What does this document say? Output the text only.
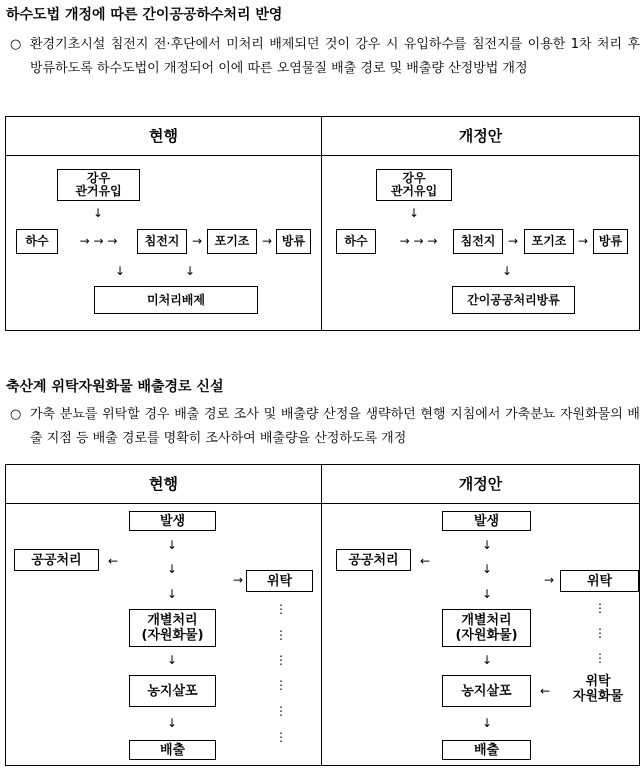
하수도법 개정에 따른 간이공공하수처리 반영
○ 환경기초시설 침전지 전·후단에서 미처리 배제되던 것이 강우 시 유입하수를 침전지를 이용한 1차 처리 후 방류하도록 하수도법이 개정되어 이에 따른 오염물질 배출 경로 및 배출량 산정방법 개정
현행	개정안
강우
관거유입
↓
하수	→ → →	침전지	→	포기조	→ 방류
↓	↓
미처리배제
강우
관거유입
↓
하수	→ → →	침전지	→	포기조 → 방류
↓
간이공공처리방류
축산계 위탁자원화물 배출경로 신설
○ 가축 분뇨를 위탁할 경우 배출 경로 조사 및 배출량 산정을 생략하던 현행 지침에서 가축분뇨 자원화물의 배출 지점 등 배출 경로를 명확히 조사하여 배출량을 산정하도록 개정
현행	개정안
발생
↓
공공처리	←
↓
→	위탁
↓
⋮
개별처리
(자원화물)	⋮
↓	⋮
농지살포	⋮
⋮
↓
⋮
배출
발생
↓
공공처리	←
↓
→	위탁
↓
⋮
개별처리
(자원화물)	⋮
⋮
↓
위탁
자원화물
농지살포	←
↓
배출
